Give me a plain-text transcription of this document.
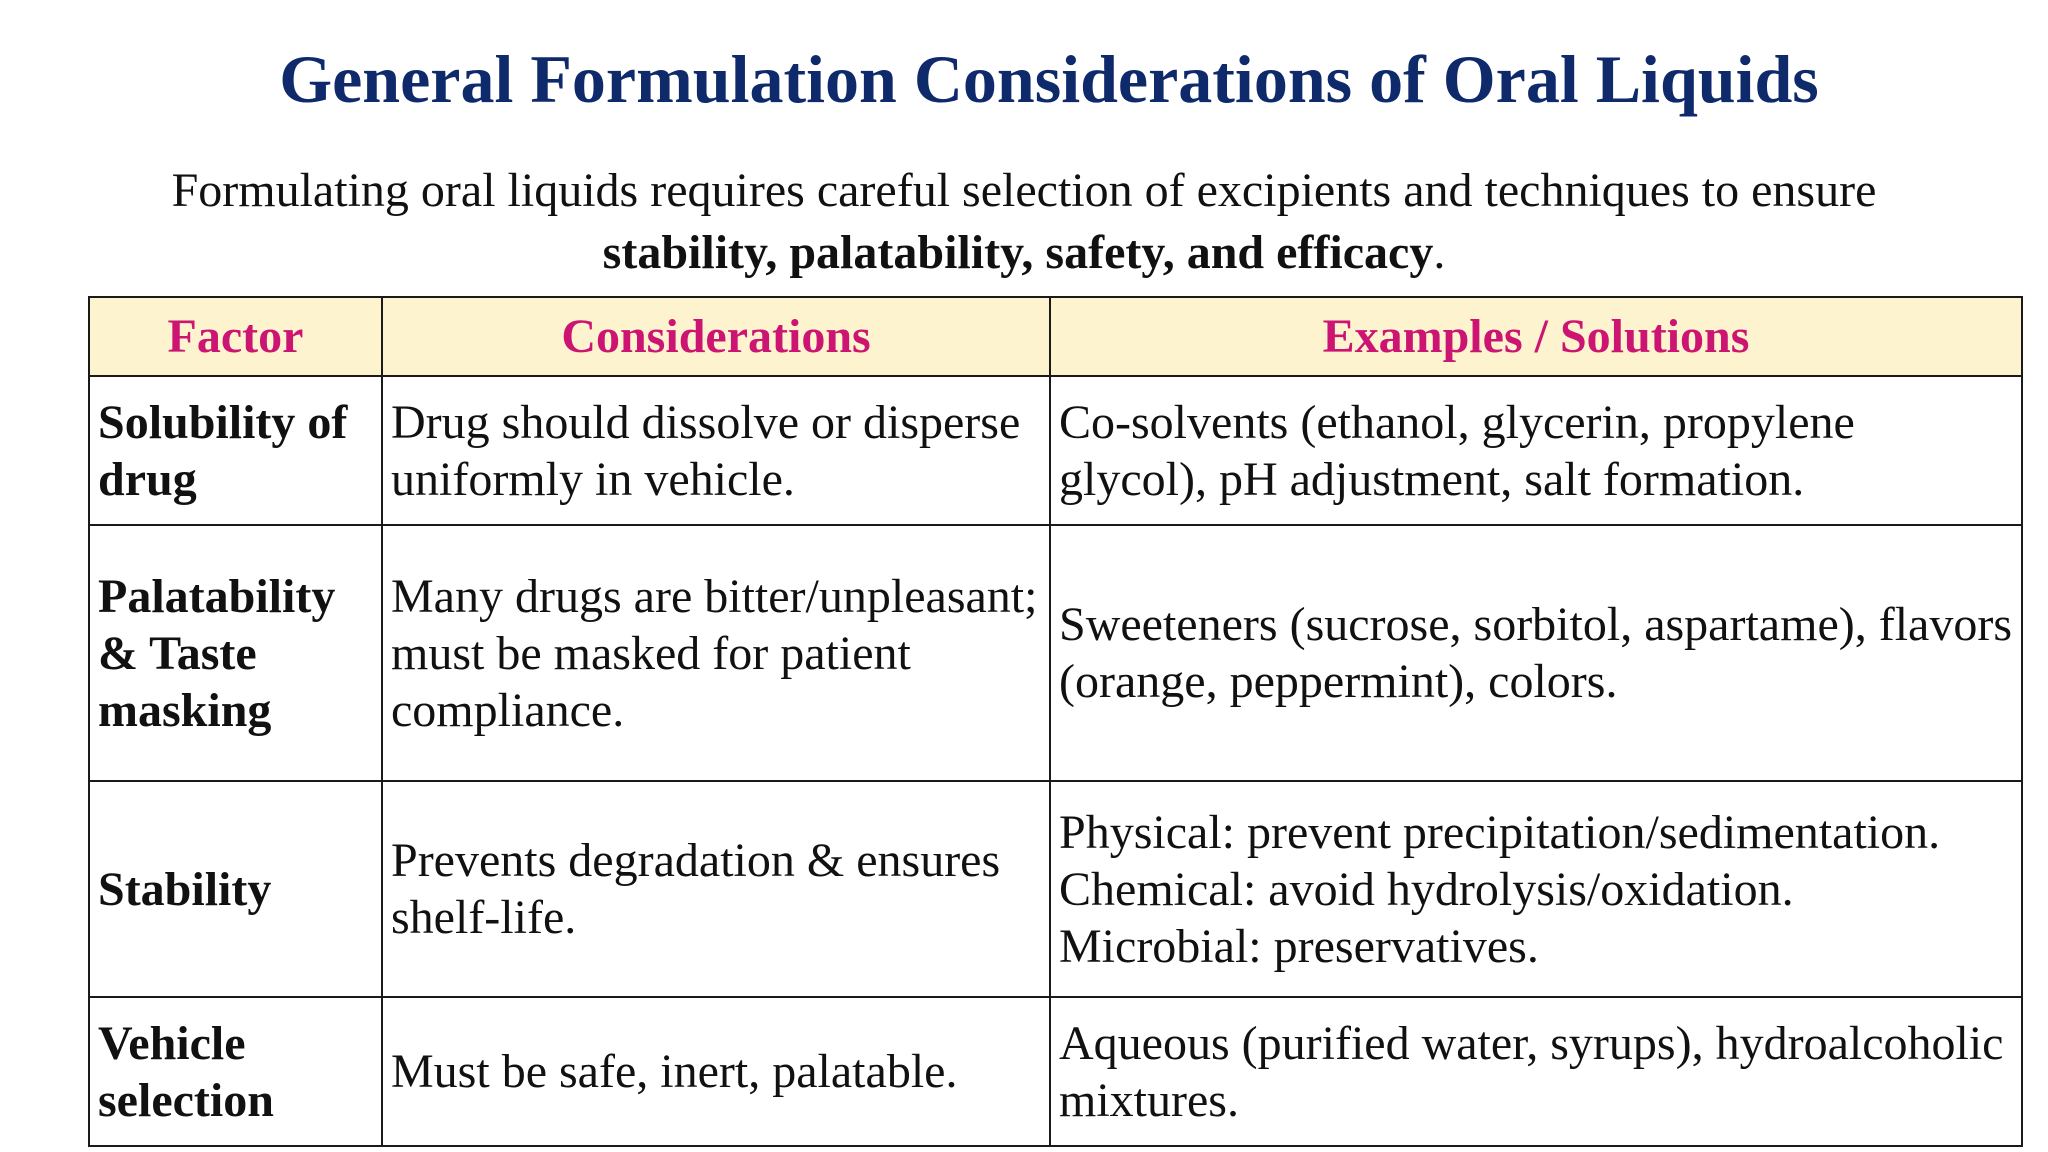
General Formulation Considerations of Oral Liquids
Formulating oral liquids requires careful selection of excipients and techniques to ensure
stability, palatability, safety, and efficacy.
Factor	Considerations	Examples / Solutions
Solubility of drug	Drug should dissolve or disperse uniformly in vehicle.	Co-solvents (ethanol, glycerin, propylene glycol), pH adjustment, salt formation.

Palatability & Taste masking	Many drugs are bitter/unpleasant; must be masked for patient compliance.	Sweeteners (sucrose, sorbitol, aspartame), flavors (orange, peppermint), colors.

Stability	Prevents degradation & ensures shelf-life.	Physical: prevent precipitation/sedimentation.
Chemical: avoid hydrolysis/oxidation.
Microbial: preservatives.

Vehicle selection	Must be safe, inert, palatable.	Aqueous (purified water, syrups), hydroalcoholic mixtures.
